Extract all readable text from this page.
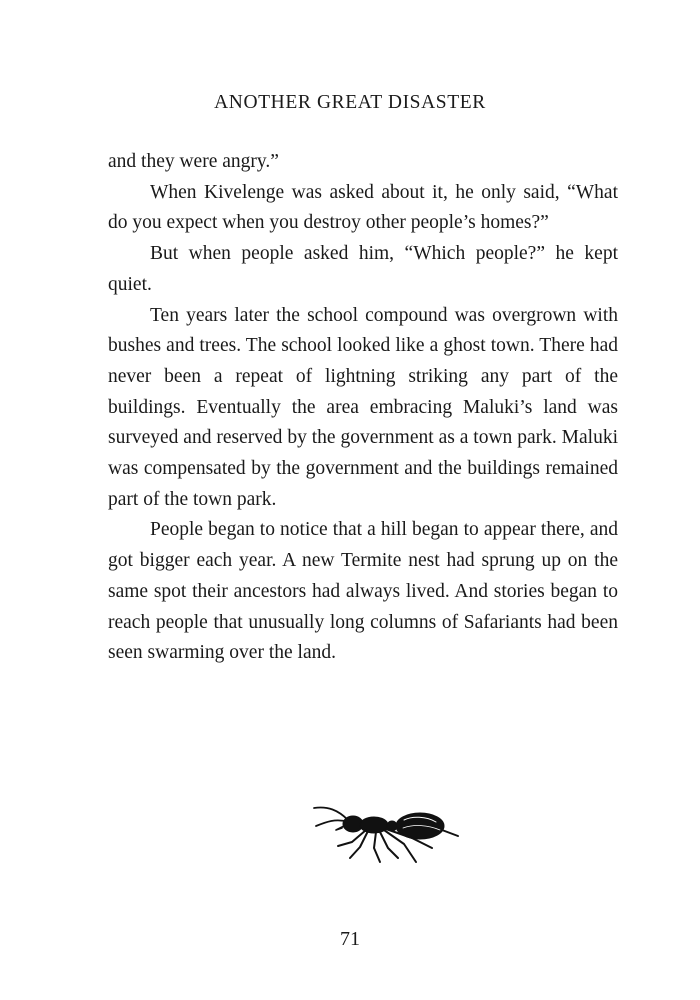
ANOTHER GREAT DISASTER

and they were angry.”

When Kivelenge was asked about it, he only said, “What do you expect when you destroy other people’s homes?”

But when people asked him, “Which people?” he kept quiet.

Ten years later the school compound was overgrown with bushes and trees. The school looked like a ghost town. There had never been a repeat of lightning striking any part of the buildings. Eventually the area embracing Maluki’s land was surveyed and reserved by the government as a town park. Maluki was compensated by the government and the buildings remained part of the town park.

People began to notice that a hill began to appear there, and got bigger each year. A new Termite nest had sprung up on the same spot their ancestors had always lived. And stories began to reach people that unusually long columns of Safariants had been seen swarming over the land.

71
